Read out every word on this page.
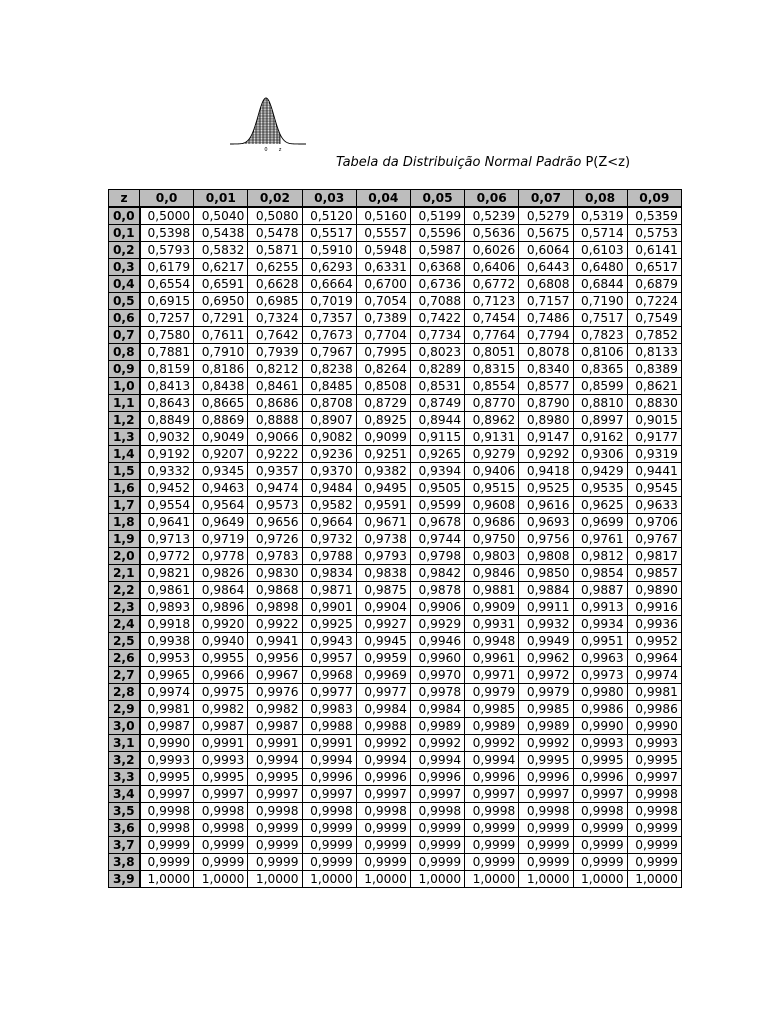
0 z
Tabela da Distribuição Normal Padrão P(Z<z)
z	0,0	0,01	0,02	0,03	0,04	0,05	0,06	0,07	0,08	0,09
0,0	0,5000	0,5040	0,5080	0,5120	0,5160	0,5199	0,5239	0,5279	0,5319	0,5359
0,1	0,5398	0,5438	0,5478	0,5517	0,5557	0,5596	0,5636	0,5675	0,5714	0,5753
0,2	0,5793	0,5832	0,5871	0,5910	0,5948	0,5987	0,6026	0,6064	0,6103	0,6141
0,3	0,6179	0,6217	0,6255	0,6293	0,6331	0,6368	0,6406	0,6443	0,6480	0,6517
0,4	0,6554	0,6591	0,6628	0,6664	0,6700	0,6736	0,6772	0,6808	0,6844	0,6879
0,5	0,6915	0,6950	0,6985	0,7019	0,7054	0,7088	0,7123	0,7157	0,7190	0,7224
0,6	0,7257	0,7291	0,7324	0,7357	0,7389	0,7422	0,7454	0,7486	0,7517	0,7549
0,7	0,7580	0,7611	0,7642	0,7673	0,7704	0,7734	0,7764	0,7794	0,7823	0,7852
0,8	0,7881	0,7910	0,7939	0,7967	0,7995	0,8023	0,8051	0,8078	0,8106	0,8133
0,9	0,8159	0,8186	0,8212	0,8238	0,8264	0,8289	0,8315	0,8340	0,8365	0,8389
1,0	0,8413	0,8438	0,8461	0,8485	0,8508	0,8531	0,8554	0,8577	0,8599	0,8621
1,1	0,8643	0,8665	0,8686	0,8708	0,8729	0,8749	0,8770	0,8790	0,8810	0,8830
1,2	0,8849	0,8869	0,8888	0,8907	0,8925	0,8944	0,8962	0,8980	0,8997	0,9015
1,3	0,9032	0,9049	0,9066	0,9082	0,9099	0,9115	0,9131	0,9147	0,9162	0,9177
1,4	0,9192	0,9207	0,9222	0,9236	0,9251	0,9265	0,9279	0,9292	0,9306	0,9319
1,5	0,9332	0,9345	0,9357	0,9370	0,9382	0,9394	0,9406	0,9418	0,9429	0,9441
1,6	0,9452	0,9463	0,9474	0,9484	0,9495	0,9505	0,9515	0,9525	0,9535	0,9545
1,7	0,9554	0,9564	0,9573	0,9582	0,9591	0,9599	0,9608	0,9616	0,9625	0,9633
1,8	0,9641	0,9649	0,9656	0,9664	0,9671	0,9678	0,9686	0,9693	0,9699	0,9706
1,9	0,9713	0,9719	0,9726	0,9732	0,9738	0,9744	0,9750	0,9756	0,9761	0,9767
2,0	0,9772	0,9778	0,9783	0,9788	0,9793	0,9798	0,9803	0,9808	0,9812	0,9817
2,1	0,9821	0,9826	0,9830	0,9834	0,9838	0,9842	0,9846	0,9850	0,9854	0,9857
2,2	0,9861	0,9864	0,9868	0,9871	0,9875	0,9878	0,9881	0,9884	0,9887	0,9890
2,3	0,9893	0,9896	0,9898	0,9901	0,9904	0,9906	0,9909	0,9911	0,9913	0,9916
2,4	0,9918	0,9920	0,9922	0,9925	0,9927	0,9929	0,9931	0,9932	0,9934	0,9936
2,5	0,9938	0,9940	0,9941	0,9943	0,9945	0,9946	0,9948	0,9949	0,9951	0,9952
2,6	0,9953	0,9955	0,9956	0,9957	0,9959	0,9960	0,9961	0,9962	0,9963	0,9964
2,7	0,9965	0,9966	0,9967	0,9968	0,9969	0,9970	0,9971	0,9972	0,9973	0,9974
2,8	0,9974	0,9975	0,9976	0,9977	0,9977	0,9978	0,9979	0,9979	0,9980	0,9981
2,9	0,9981	0,9982	0,9982	0,9983	0,9984	0,9984	0,9985	0,9985	0,9986	0,9986
3,0	0,9987	0,9987	0,9987	0,9988	0,9988	0,9989	0,9989	0,9989	0,9990	0,9990
3,1	0,9990	0,9991	0,9991	0,9991	0,9992	0,9992	0,9992	0,9992	0,9993	0,9993
3,2	0,9993	0,9993	0,9994	0,9994	0,9994	0,9994	0,9994	0,9995	0,9995	0,9995
3,3	0,9995	0,9995	0,9995	0,9996	0,9996	0,9996	0,9996	0,9996	0,9996	0,9997
3,4	0,9997	0,9997	0,9997	0,9997	0,9997	0,9997	0,9997	0,9997	0,9997	0,9998
3,5	0,9998	0,9998	0,9998	0,9998	0,9998	0,9998	0,9998	0,9998	0,9998	0,9998
3,6	0,9998	0,9998	0,9999	0,9999	0,9999	0,9999	0,9999	0,9999	0,9999	0,9999
3,7	0,9999	0,9999	0,9999	0,9999	0,9999	0,9999	0,9999	0,9999	0,9999	0,9999
3,8	0,9999	0,9999	0,9999	0,9999	0,9999	0,9999	0,9999	0,9999	0,9999	0,9999
3,9	1,0000	1,0000	1,0000	1,0000	1,0000	1,0000	1,0000	1,0000	1,0000	1,0000
